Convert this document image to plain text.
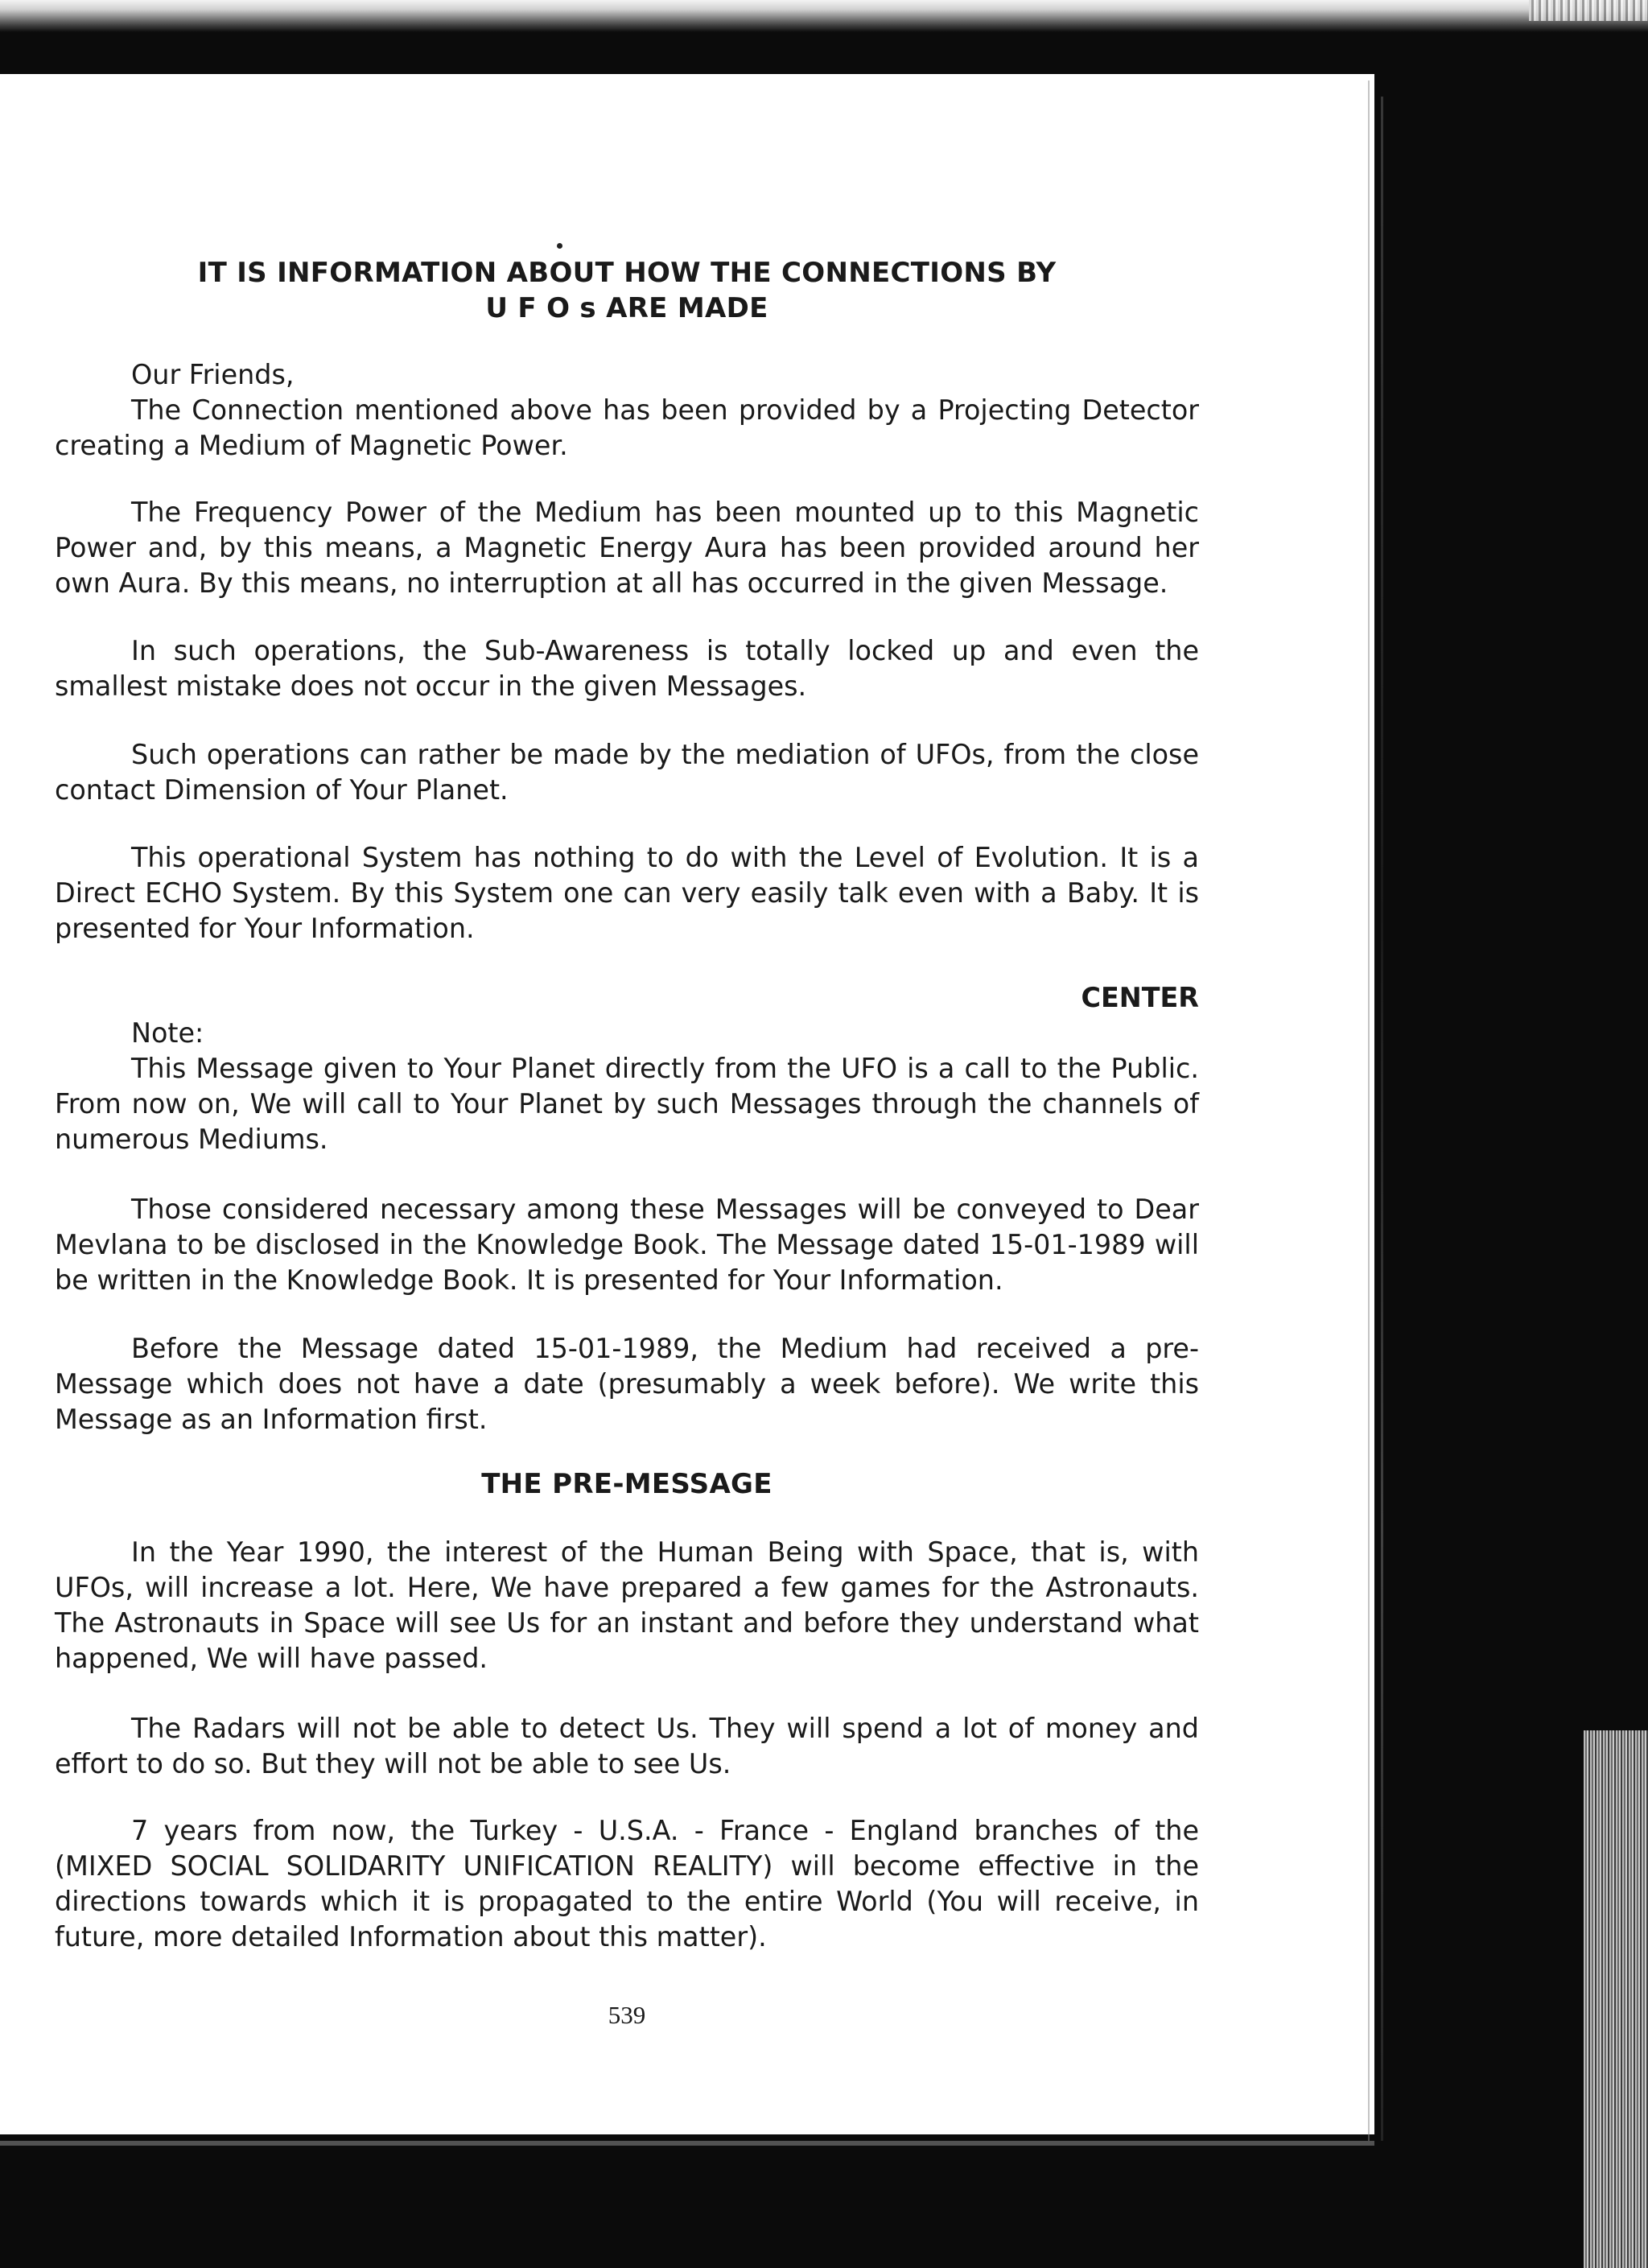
IT IS INFORMATION ABOUT HOW THE CONNECTIONS BY
U F O s ARE MADE
Our Friends,

The Connection mentioned above has been provided by a Projecting Detector creating a Medium of Magnetic Power.

The Frequency Power of the Medium has been mounted up to this Magnetic Power and, by this means, a Magnetic Energy Aura has been provided around her own Aura. By this means, no interruption at all has occurred in the given Message.

In such operations, the Sub-Awareness is totally locked up and even the smallest mistake does not occur in the given Messages.

Such operations can rather be made by the mediation of UFOs, from the close contact Dimension of Your Planet.

This operational System has nothing to do with the Level of Evolution. It is a Direct ECHO System. By this System one can very easily talk even with a Baby. It is presented for Your Information.

CENTER
Note:

This Message given to Your Planet directly from the UFO is a call to the Public. From now on, We will call to Your Planet by such Messages through the channels of numerous Mediums.

Those considered necessary among these Messages will be conveyed to Dear Mevlana to be disclosed in the Knowledge Book. The Message dated 15-01-1989 will be written in the Knowledge Book. It is presented for Your Information.

Before the Message dated 15-01-1989, the Medium had received a pre-Message which does not have a date (presumably a week before). We write this Message as an Information first.

THE PRE-MESSAGE

In the Year 1990, the interest of the Human Being with Space, that is, with UFOs, will increase a lot. Here, We have prepared a few games for the Astronauts. The Astronauts in Space will see Us for an instant and before they understand what happened, We will have passed.

The Radars will not be able to detect Us. They will spend a lot of money and effort to do so. But they will not be able to see Us.

7 years from now, the Turkey - U.S.A. - France - England branches of the (MIXED SOCIAL SOLIDARITY UNIFICATION REALITY) will become effective in the directions towards which it is propagated to the entire World (You will receive, in future, more detailed Information about this matter).

539
